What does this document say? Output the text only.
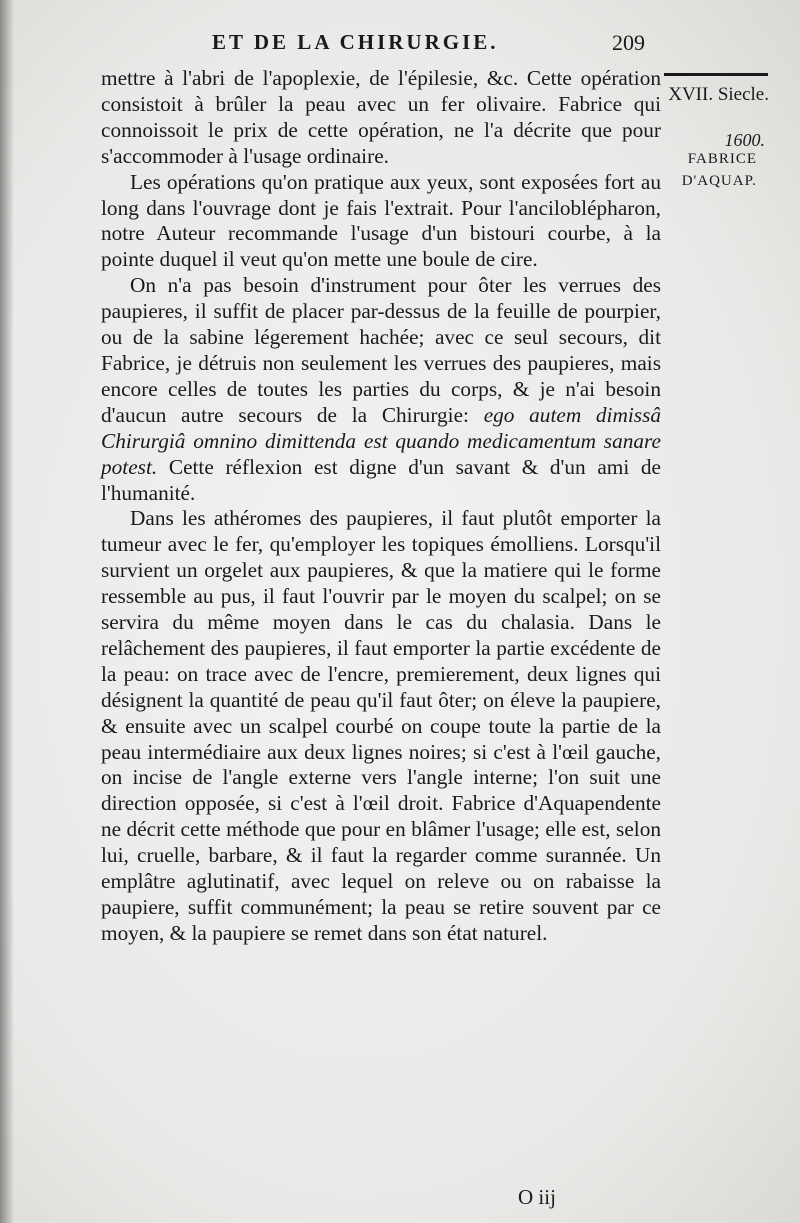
ET DE LA CHIRURGIE.	209
XVII. Siecle.
1600.
FABRICE
D'AQUAP.

mettre à l'abri de l'apoplexie, de l'épilesie, &c. Cette opération consistoit à brûler la peau avec un fer olivaire. Fabrice qui connoissoit le prix de cette opération, ne l'a décrite que pour s'accommoder à l'usage ordinaire.

Les opérations qu'on pratique aux yeux, sont exposées fort au long dans l'ouvrage dont je fais l'extrait. Pour l'anciloblépharon, notre Auteur recommande l'usage d'un bistouri courbe, à la pointe duquel il veut qu'on mette une boule de cire.

On n'a pas besoin d'instrument pour ôter les verrues des paupieres, il suffit de placer par-dessus de la feuille de pourpier, ou de la sabine légerement hachée; avec ce seul secours, dit Fabrice, je détruis non seulement les verrues des paupieres, mais encore celles de toutes les parties du corps, & je n'ai besoin d'aucun autre secours de la Chirurgie: ego autem dimissâ Chirurgiâ omnino dimittenda est quando medicamentum sanare potest. Cette réflexion est digne d'un savant & d'un ami de l'humanité.

Dans les athéromes des paupieres, il faut plutôt emporter la tumeur avec le fer, qu'employer les topiques émolliens. Lorsqu'il survient un orgelet aux paupieres, & que la matiere qui le forme ressemble au pus, il faut l'ouvrir par le moyen du scalpel; on se servira du même moyen dans le cas du chalasia. Dans le relâchement des paupieres, il faut emporter la partie excédente de la peau: on trace avec de l'encre, premierement, deux lignes qui désignent la quantité de peau qu'il faut ôter; on éleve la paupiere, & ensuite avec un scalpel courbé on coupe toute la partie de la peau intermédiaire aux deux lignes noires; si c'est à l'œil gauche, on incise de l'angle externe vers l'angle interne; l'on suit une direction opposée, si c'est à l'œil droit. Fabrice d'Aquapendente ne décrit cette méthode que pour en blâmer l'usage; elle est, selon lui, cruelle, barbare, & il faut la regarder comme surannée. Un emplâtre aglutinatif, avec lequel on releve ou on rabaisse la paupiere, suffit communément; la peau se retire souvent par ce moyen, & la paupiere se remet dans son état naturel.

O iij
